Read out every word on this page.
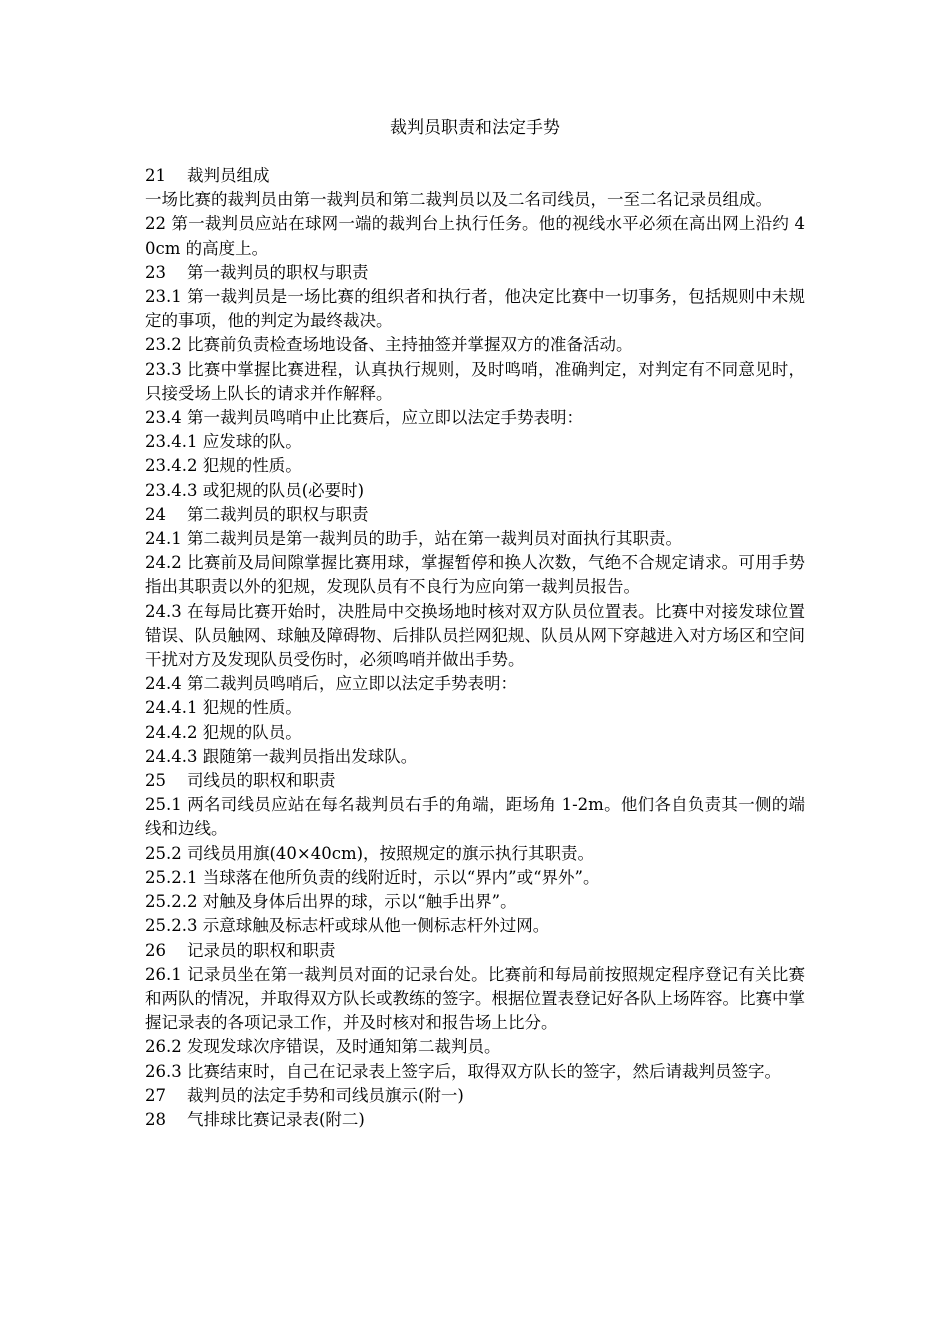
裁判员职责和法定手势

21    裁判员组成

一场比赛的裁判员由第一裁判员和第二裁判员以及二名司线员，一至二名记录员组成。

22 第一裁判员应站在球网一端的裁判台上执行任务。他的视线水平必须在高出网上沿约 40cm 的高度上。

23    第一裁判员的职权与职责

23.1 第一裁判员是一场比赛的组织者和执行者，他决定比赛中一切事务，包括规则中未规定的事项，他的判定为最终裁决。

23.2 比赛前负责检查场地设备、主持抽签并掌握双方的准备活动。

23.3 比赛中掌握比赛进程，认真执行规则，及时鸣哨，准确判定，对判定有不同意见时，只接受场上队长的请求并作解释。

23.4 第一裁判员鸣哨中止比赛后，应立即以法定手势表明：

23.4.1 应发球的队。

23.4.2 犯规的性质。

23.4.3 或犯规的队员(必要时)

24    第二裁判员的职权与职责

24.1 第二裁判员是第一裁判员的助手，站在第一裁判员对面执行其职责。

24.2 比赛前及局间隙掌握比赛用球，掌握暂停和换人次数，气绝不合规定请求。可用手势指出其职责以外的犯规，发现队员有不良行为应向第一裁判员报告。

24.3 在每局比赛开始时，决胜局中交换场地时核对双方队员位置表。比赛中对接发球位置错误、队员触网、球触及障碍物、后排队员拦网犯规、队员从网下穿越进入对方场区和空间干扰对方及发现队员受伤时，必须鸣哨并做出手势。

24.4 第二裁判员鸣哨后，应立即以法定手势表明：

24.4.1 犯规的性质。

24.4.2 犯规的队员。

24.4.3 跟随第一裁判员指出发球队。

25    司线员的职权和职责

25.1 两名司线员应站在每名裁判员右手的角端，距场角 1-2m。他们各自负责其一侧的端线和边线。

25.2 司线员用旗(40×40cm)，按照规定的旗示执行其职责。

25.2.1 当球落在他所负责的线附近时，示以“界内”或“界外”。

25.2.2 对触及身体后出界的球，示以“触手出界”。

25.2.3 示意球触及标志杆或球从他一侧标志杆外过网。

26    记录员的职权和职责

26.1 记录员坐在第一裁判员对面的记录台处。比赛前和每局前按照规定程序登记有关比赛和两队的情况，并取得双方队长或教练的签字。根据位置表登记好各队上场阵容。比赛中掌握记录表的各项记录工作，并及时核对和报告场上比分。

26.2 发现发球次序错误，及时通知第二裁判员。

26.3 比赛结束时，自己在记录表上签字后，取得双方队长的签字，然后请裁判员签字。

27    裁判员的法定手势和司线员旗示(附一)

28    气排球比赛记录表(附二)
